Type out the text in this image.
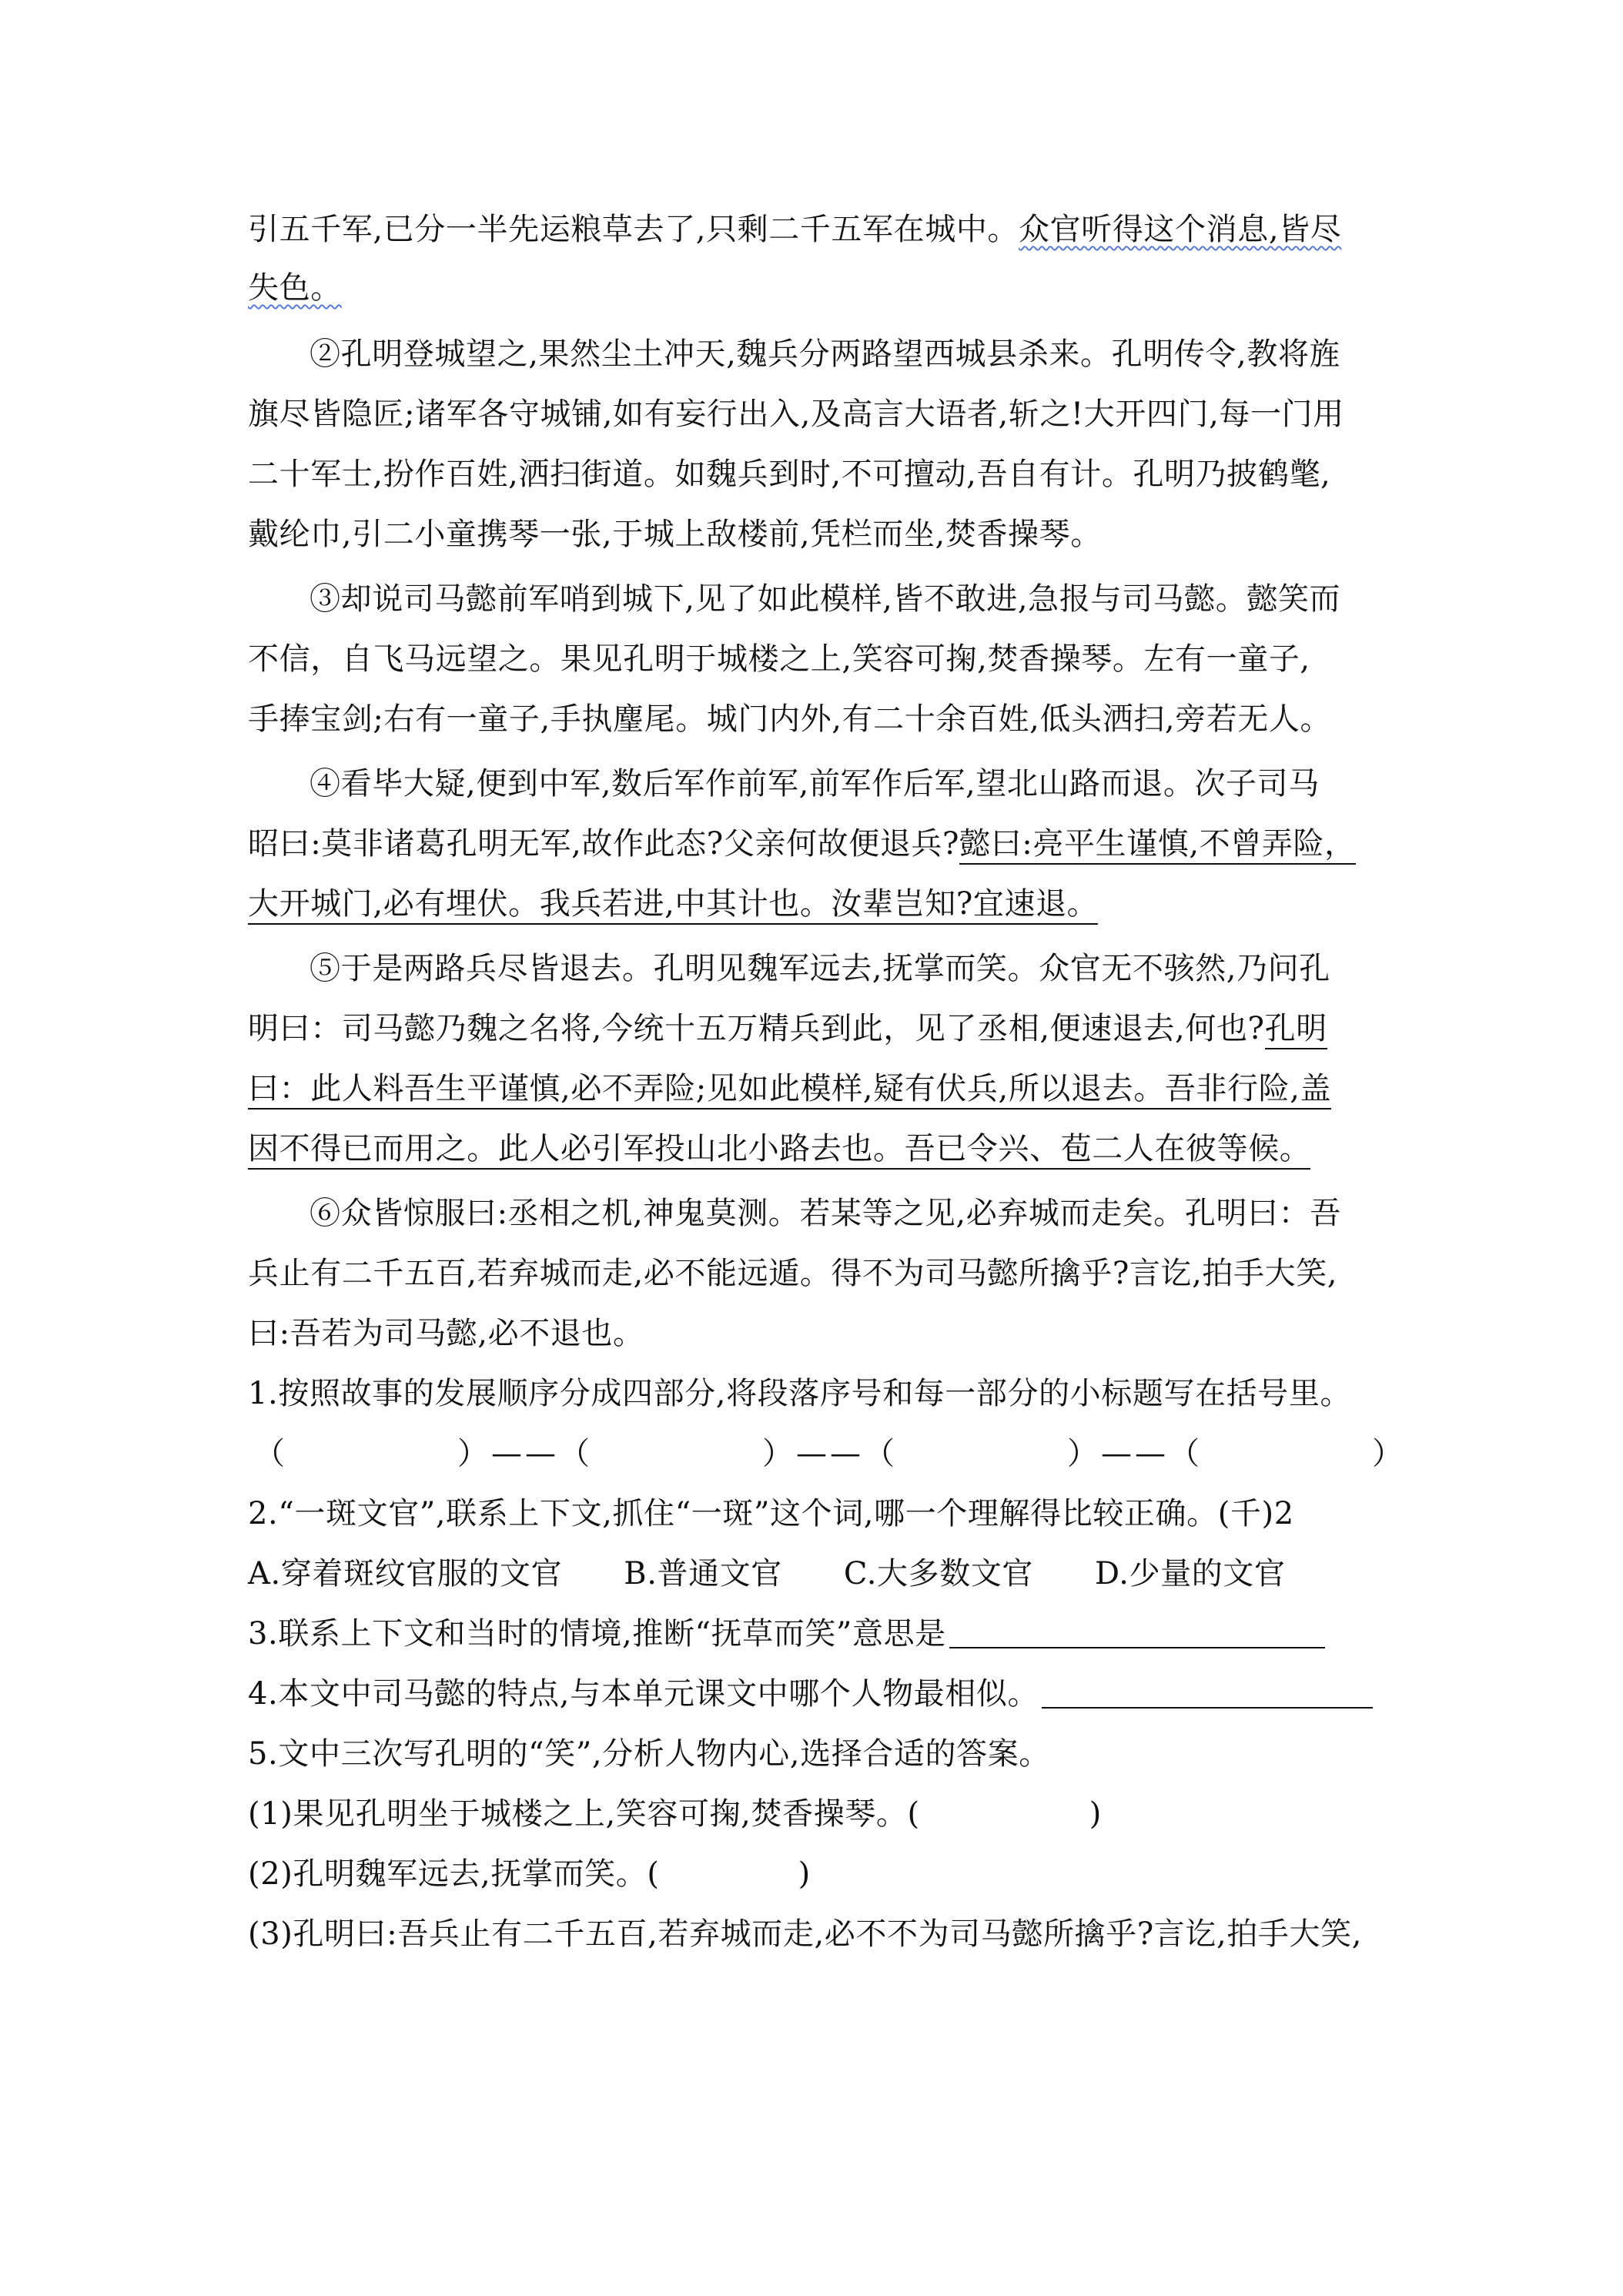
引五千军,已分一半先运粮草去了,只剩二千五军在城中。众官听得这个消息,皆尽
失色。
②孔明登城望之,果然尘土冲天,魏兵分两路望西城县杀来。孔明传令,教将旌
旗尽皆隐匠;诸军各守城铺,如有妄行出入,及高言大语者,斩之!大开四门,每一门用
二十军士,扮作百姓,洒扫街道。如魏兵到时,不可擅动,吾自有计。孔明乃披鹤氅,
戴纶巾,引二小童携琴一张,于城上敌楼前,凭栏而坐,焚香操琴。
③却说司马懿前军哨到城下,见了如此模样,皆不敢进,急报与司马懿。懿笑而
不信，自飞马远望之。果见孔明于城楼之上,笑容可掬,焚香操琴。左有一童子,
手捧宝剑;右有一童子,手执麈尾。城门内外,有二十余百姓,低头洒扫,旁若无人。
④看毕大疑,便到中军,数后军作前军,前军作后军,望北山路而退。次子司马
昭曰:莫非诸葛孔明无军,故作此态?父亲何故便退兵?懿曰:亮平生谨慎,不曾弄险，
大开城门,必有埋伏。我兵若进,中其计也。汝辈岂知?宜速退。
⑤于是两路兵尽皆退去。孔明见魏军远去,抚掌而笑。众官无不骇然,乃问孔
明曰：司马懿乃魏之名将,今统十五万精兵到此，见了丞相,便速退去,何也?孔明
曰：此人料吾生平谨慎,必不弄险;见如此模样,疑有伏兵,所以退去。吾非行险,盖
因不得已而用之。此人必引军投山北小路去也。吾已令兴、苞二人在彼等候。
⑥众皆惊服曰:丞相之机,神鬼莫测。若某等之见,必弃城而走矣。孔明曰：吾
兵止有二千五百,若弃城而走,必不能远遁。得不为司马懿所擒乎?言讫,拍手大笑,
曰:吾若为司马懿,必不退也。
1.按照故事的发展顺序分成四部分,将段落序号和每一部分的小标题写在括号里。
（　　　　　）——（　　　　　）——（　　　　　）——（　　　　　）
2.“一斑文官”,联系上下文,抓住“一斑”这个词,哪一个理解得比较正确。(千)2
A.穿着斑纹官服的文官 B.普通文官 C.大多数文官 D.少量的文官
3.联系上下文和当时的情境,推断“抚草而笑”意思是
4.本文中司马懿的特点,与本单元课文中哪个人物最相似。
5.文中三次写孔明的“笑”,分析人物内心,选择合适的答案。
(1)果见孔明坐于城楼之上,笑容可掬,焚香操琴。(	)
(2)孔明魏军远去,抚掌而笑。(	)
(3)孔明曰:吾兵止有二千五百,若弃城而走,必不不为司马懿所擒乎?言讫,拍手大笑,
